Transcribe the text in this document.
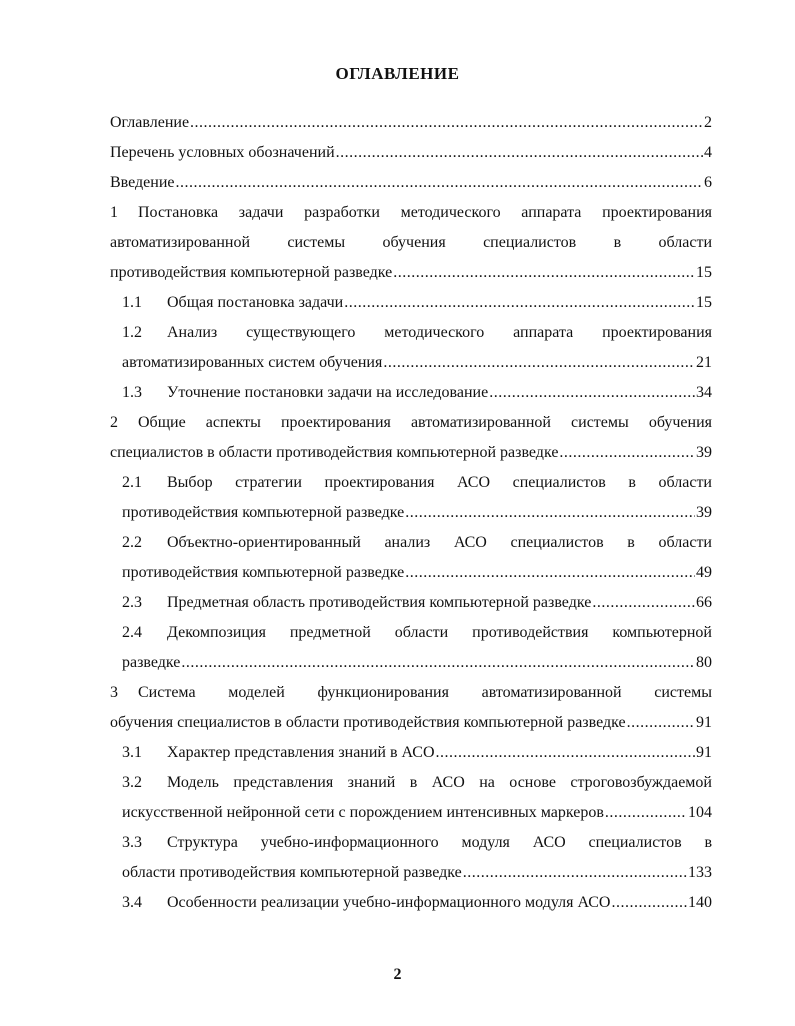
ОГЛАВЛЕНИЕ
Оглавление .....	2
Перечень условных обозначений .....	4
Введение .....	6
1 Постановка задачи разработки методического аппарата проектирования
автоматизированной системы обучения специалистов в области
противодействия компьютерной разведке .....	15
1.1 Общая постановка задачи .....	15
1.2 Анализ существующего методического аппарата проектирования
автоматизированных систем обучения .....	21
1.3 Уточнение постановки задачи на исследование .....	34
2 Общие аспекты проектирования автоматизированной системы обучения
специалистов в области противодействия компьютерной разведке .....	39
2.1 Выбор стратегии проектирования АСО специалистов в области
противодействия компьютерной разведке .....	39
2.2 Объектно-ориентированный анализ АСО специалистов в области
противодействия компьютерной разведке .....	49
2.3 Предметная область противодействия компьютерной разведке .....	66
2.4 Декомпозиция предметной области противодействия компьютерной
разведке .....	80
3 Система моделей функционирования автоматизированной системы
обучения специалистов в области противодействия компьютерной разведке .....	91
3.1 Характер представления знаний в АСО .....	91
3.2 Модель представления знаний в АСО на основе строговозбуждаемой
искусственной нейронной сети с порождением интенсивных маркеров .....	104
3.3 Структура учебно-информационного модуля АСО специалистов в
области противодействия компьютерной разведке .....	133
3.4 Особенности реализации учебно-информационного модуля АСО .....	140
2
